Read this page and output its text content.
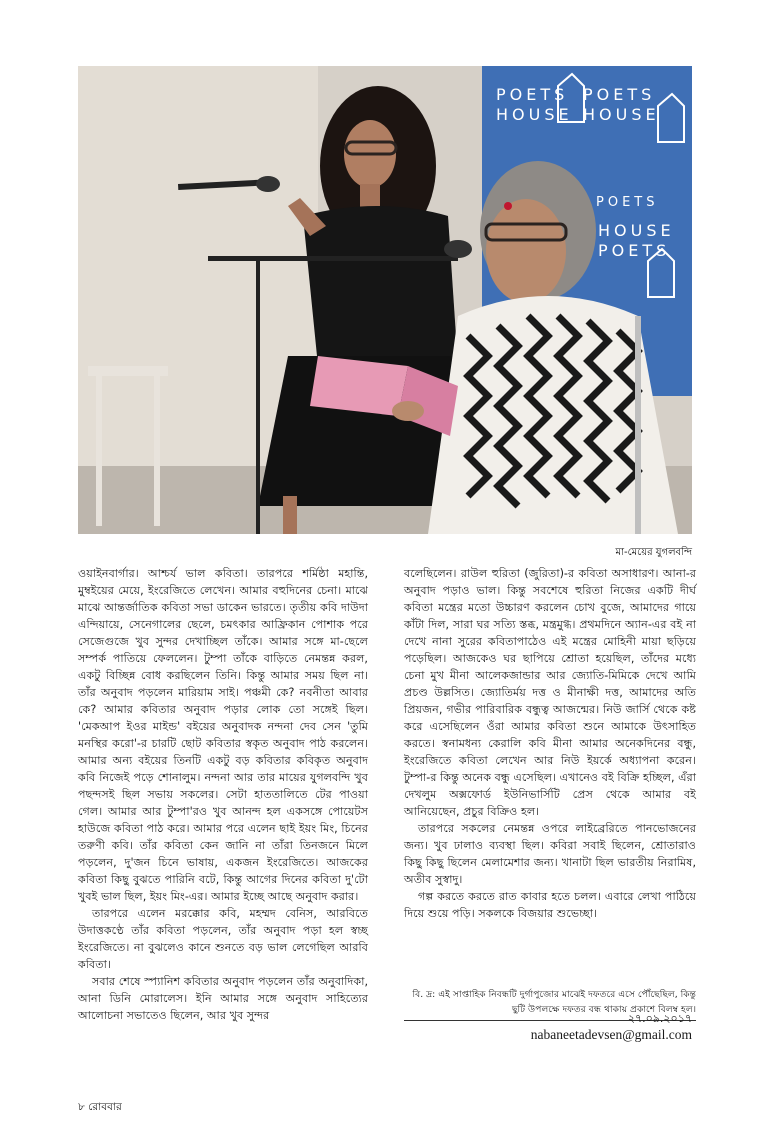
POETS
HOUSE
POETS
HOUSE
POETS
HOUSE
POETS
মা-মেয়ের যুগলবন্দি

ওয়াইনবার্গার। আশ্চর্য ভাল কবিতা। তারপরে শর্মিষ্ঠা মহান্তি, মুম্বইয়ের মেয়ে, ইংরেজিতে লেখেন। আমার বহুদিনের চেনা। মাঝে মাঝে আন্তর্জাতিক কবিতা সভা ডাকেন ভারতে। তৃতীয় কবি দাউদা এন্দিয়ায়ে, সেনেগালের ছেলে, চমৎকার আফ্রিকান পোশাক পরে সেজেগুজে খুব সুন্দর দেখাচ্ছিল তাঁকে। আমার সঙ্গে মা-ছেলে সম্পর্ক পাতিয়ে ফেললেন। টুম্পা তাঁকে বাড়িতে নেমন্তন্ন করল, একটু বিচ্ছিন্ন বোধ করছিলেন তিনি। কিন্তু আমার সময় ছিল না। তাঁর অনুবাদ পড়লেন মারিয়াম সাই। পঞ্চমী কে? নবনীতা আবার কে? আমার কবিতার অনুবাদ পড়ার লোক তো সঙ্গেই ছিল। 'মেকআপ ইওর মাইন্ড' বইয়ের অনুবাদক নন্দনা দেব সেন 'তুমি মনস্থির করো'-র চারটি ছোট কবিতার স্বকৃত অনুবাদ পাঠ করলেন। আমার অন্য বইয়ের তিনটি একটু বড় কবিতার কবিকৃত অনুবাদ কবি নিজেই পড়ে শোনালুম। নন্দনা আর তার মায়ের যুগলবন্দি খুব পছন্দসই ছিল সভায় সকলের। সেটা হাততালিতে টের পাওয়া গেল। আমার আর টুম্পা'রও খুব আনন্দ হল একসঙ্গে পোয়েটস হাউজে কবিতা পাঠ করে। আমার পরে এলেন ছাই ইয়ং মিং, চিনের তরুণী কবি। তাঁর কবিতা কেন জানি না তাঁরা তিনজনে মিলে পড়লেন, দু'জন চিনে ভাষায়, একজন ইংরেজিতে। আজকের কবিতা কিছু বুঝতে পারিনি বটে, কিন্তু আগের দিনের কবিতা দু'টো খুবই ভাল ছিল, ইয়ং মিং-এর। আমার ইচ্ছে আছে অনুবাদ করার।

তারপরে এলেন মরক্কোর কবি, মহম্মদ বেনিস, আরবিতে উদাত্তকণ্ঠে তাঁর কবিতা পড়লেন, তাঁর অনুবাদ পড়া হল স্বচ্ছ ইংরেজিতে। না বুঝলেও কানে শুনতে বড় ভাল লেগেছিল আরবি কবিতা।

সবার শেষে স্প্যানিশ কবিতার অনুবাদ পড়লেন তাঁর অনুবাদিকা, আনা ডিনি মোরালেস। ইনি আমার সঙ্গে অনুবাদ সাহিত্যের আলোচনা সভাতেও ছিলেন, আর খুব সুন্দর

বলেছিলেন। রাউল হুরিতা (জুরিতা)-র কবিতা অসাধারণ। আনা-র অনুবাদ পড়াও ভাল। কিন্তু সবশেষে হুরিতা নিজের একটি দীর্ঘ কবিতা মন্ত্রের মতো উচ্চারণ করলেন চোখ বুজে, আমাদের গায়ে কাঁটা দিল, সারা ঘর সত্যি স্তব্ধ, মন্ত্রমুগ্ধ। প্রথমদিনে অ্যান-এর বই না দেখে নানা সুরের কবিতাপাঠেও এই মন্ত্রের মোহিনী মায়া ছড়িয়ে পড়েছিল। আজকেও ঘর ছাপিয়ে শ্রোতা হয়েছিল, তাঁদের মধ্যে চেনা মুখ মীনা আলেকজান্ডার আর জ্যোতি-মিমিকে দেখে আমি প্রচণ্ড উল্লসিত। জ্যোতির্ময় দত্ত ও মীনাক্ষী দত্ত, আমাদের অতি প্রিয়জন, গভীর পারিবারিক বন্ধুত্ব আজন্মের। নিউ জার্সি থেকে কষ্ট করে এসেছিলেন ওঁরা আমার কবিতা শুনে আমাকে উৎসাহিত করতে। স্বনামধন্য কেরালি কবি মীনা আমার অনেকদিনের বন্ধু, ইংরেজিতে কবিতা লেখেন আর নিউ ইয়র্কে অধ্যাপনা করেন। টুম্পা-র কিন্তু অনেক বন্ধু এসেছিল। এখানেও বই বিক্রি হচ্ছিল, এঁরা দেখলুম অক্সফোর্ড ইউনিভার্সিটি প্রেস থেকে আমার বই আনিয়েছেন, প্রচুর বিক্রিও হল।

তারপরে সকলের নেমন্তন্ন ওপরে লাইব্রেরিতে পানভোজনের জন্য। খুব ঢালাও ব্যবস্থা ছিল। কবিরা সবাই ছিলেন, শ্রোতারাও কিছু কিছু ছিলেন মেলামেশার জন্য। খানাটা ছিল ভারতীয় নিরামিষ, অতীব সুস্বাদু।

গল্প করতে করতে রাত কাবার হতে চলল। এবারে লেখা পাঠিয়ে দিয়ে শুয়ে পড়ি। সকলকে বিজয়ার শুভেচ্ছা।

বি. দ্র: এই সাপ্তাহিক নিবন্ধটি দুর্গাপুজোর মাঝেই দফতরে এসে পৌঁছেছিল, কিন্তু ছুটি উপলক্ষে দফতর বন্ধ থাকায় প্রকাশে বিলম্ব হল।
২৭.০৯.২০১৭
nabaneetadevsen@gmail.com
৮ রোববার
